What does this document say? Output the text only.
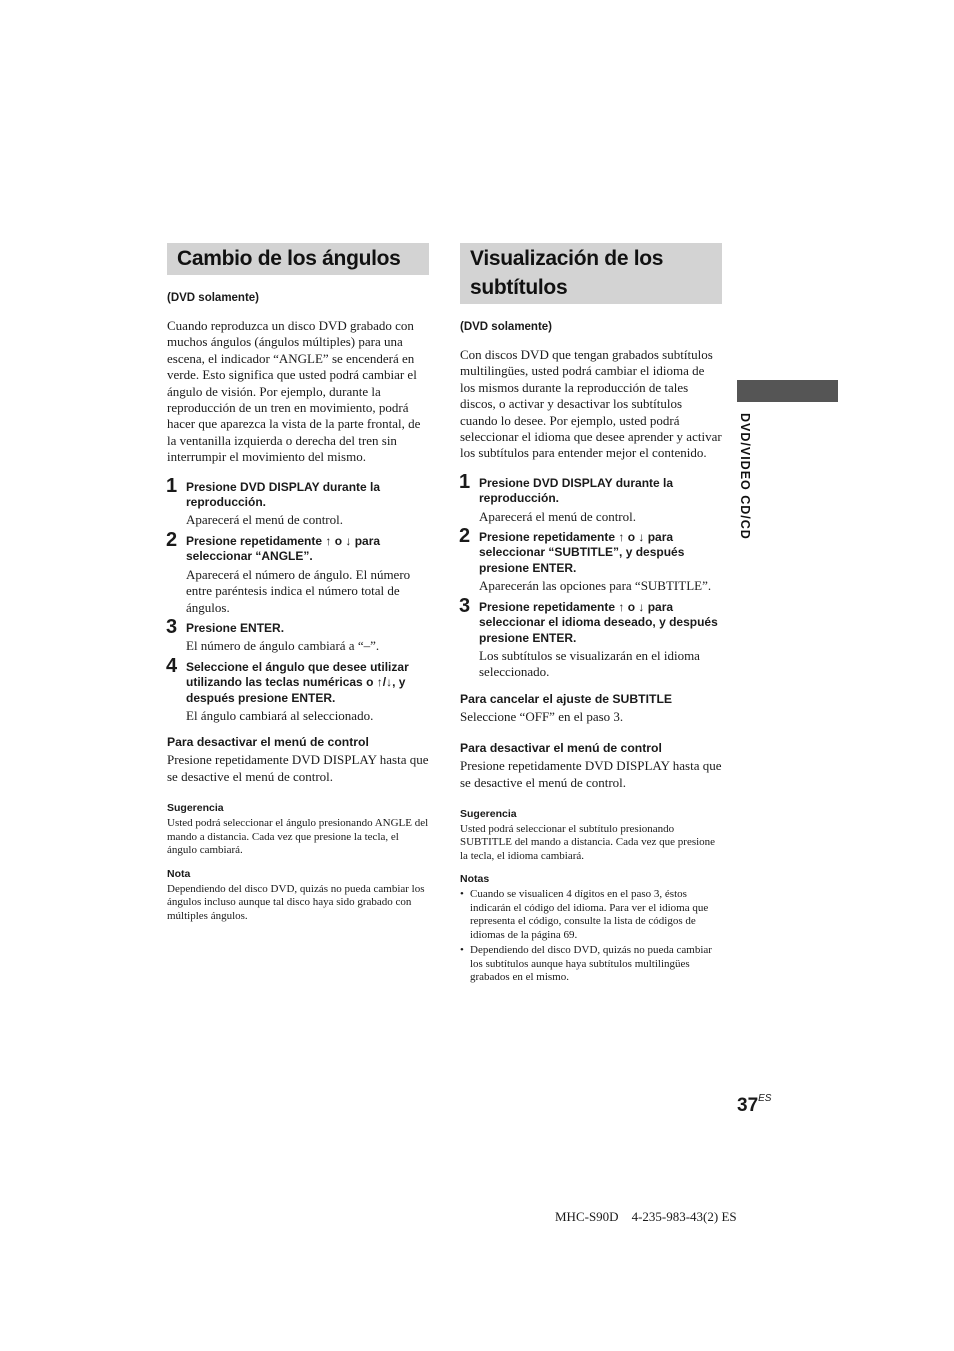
Cambio de los ángulos
(DVD solamente)

Cuando reproduzca un disco DVD grabado con muchos ángulos (ángulos múltiples) para una escena, el indicador “ANGLE” se encenderá en verde. Esto significa que usted podrá cambiar el ángulo de visión. Por ejemplo, durante la reproducción de un tren en movimiento, podrá hacer que aparezca la vista de la parte frontal, de la ventanilla izquierda o derecha del tren sin interrumpir el movimiento del mismo.

1 Presione DVD DISPLAY durante la reproducción.

Aparecerá el menú de control.

2 Presione repetidamente ↑ o ↓ para seleccionar “ANGLE”.

Aparecerá el número de ángulo. El número entre paréntesis indica el número total de ángulos.

3 Presione ENTER.

El número de ángulo cambiará a “–”.

4 Seleccione el ángulo que desee utilizar utilizando las teclas numéricas o ↑/↓, y después presione ENTER.

El ángulo cambiará al seleccionado.

Para desactivar el menú de control

Presione repetidamente DVD DISPLAY hasta que se desactive el menú de control.

Sugerencia

Usted podrá seleccionar el ángulo presionando ANGLE del mando a distancia. Cada vez que presione la tecla, el ángulo cambiará.

Nota

Dependiendo del disco DVD, quizás no pueda cambiar los ángulos incluso aunque tal disco haya sido grabado con múltiples ángulos.

Visualización de los subtítulos
(DVD solamente)

Con discos DVD que tengan grabados subtítulos multilingües, usted podrá cambiar el idioma de los mismos durante la reproducción de tales discos, o activar y desactivar los subtítulos cuando lo desee. Por ejemplo, usted podrá seleccionar el idioma que desee aprender y activar los subtítulos para entender mejor el contenido.

1 Presione DVD DISPLAY durante la reproducción.

Aparecerá el menú de control.

2 Presione repetidamente ↑ o ↓ para seleccionar “SUBTITLE”, y después presione ENTER.

Aparecerán las opciones para “SUBTITLE”.

3 Presione repetidamente ↑ o ↓ para seleccionar el idioma deseado, y después presione ENTER.

Los subtítulos se visualizarán en el idioma seleccionado.

Para cancelar el ajuste de SUBTITLE

Seleccione “OFF” en el paso 3.

Para desactivar el menú de control

Presione repetidamente DVD DISPLAY hasta que se desactive el menú de control.

Sugerencia

Usted podrá seleccionar el subtítulo presionando SUBTITLE del mando a distancia. Cada vez que presione la tecla, el idioma cambiará.

Notas
• Cuando se visualicen 4 dígitos en el paso 3, éstos indicarán el código del idioma. Para ver el idioma que representa el código, consulte la lista de códigos de idiomas de la página 69.
• Dependiendo del disco DVD, quizás no pueda cambiar los subtítulos aunque haya subtítulos multilingües grabados en el mismo.
DVD/VIDEO CD/CD
$37^{ES}$
MHC-S90D    4-235-983-43(2) ES
